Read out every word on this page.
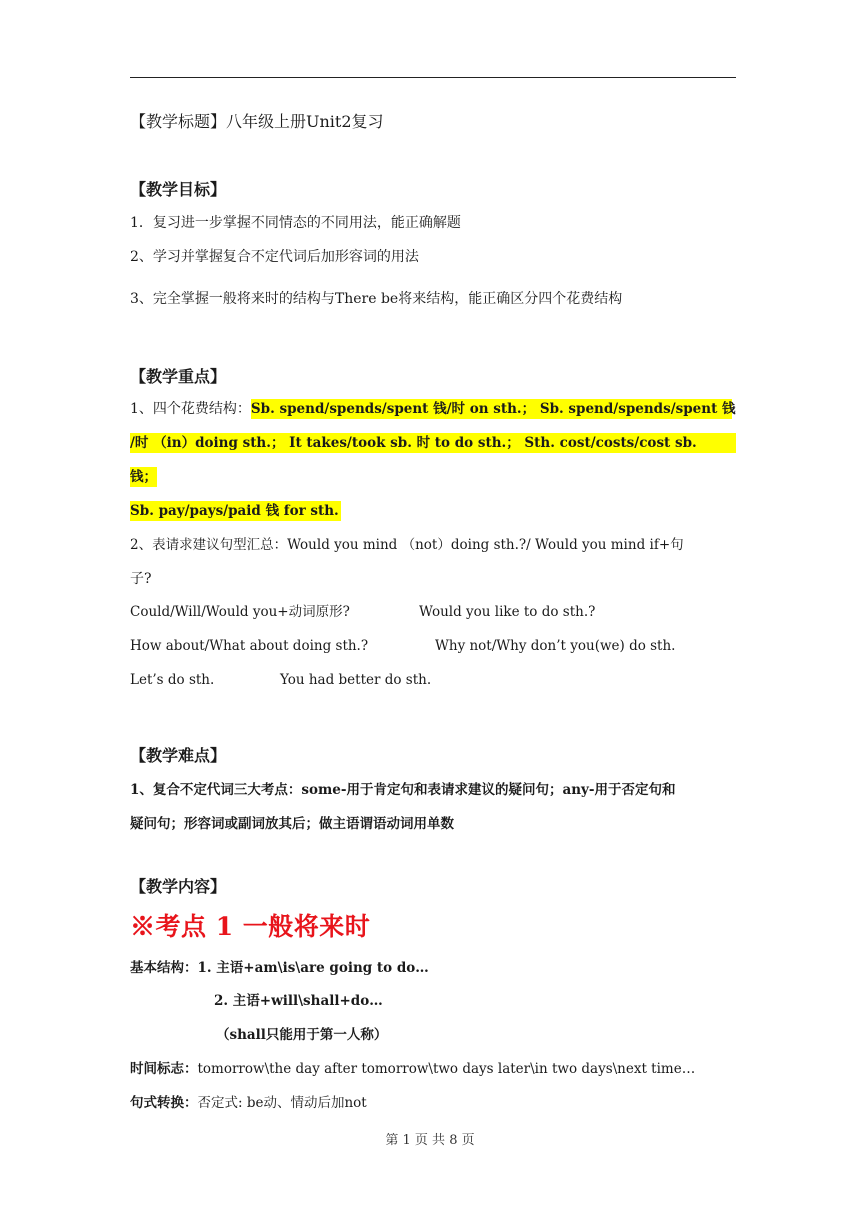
【教学标题】八年级上册Unit2复习
【教学目标】
1．复习进一步掌握不同情态的不同用法，能正确解题
2、学习并掌握复合不定代词后加形容词的用法
3、完全掌握一般将来时的结构与There be将来结构，能正确区分四个花费结构
【教学重点】
1、四个花费结构：Sb. spend/spends/spent 钱/时 on sth.； Sb. spend/spends/spent 钱
/时 （in）doing sth.； It takes/took sb. 时 to do sth.； Sth. cost/costs/cost sb.
钱；
Sb. pay/pays/paid 钱 for sth.
2、表请求建议句型汇总：Would you mind （not）doing sth.?/ Would you mind if+句
子?
Could/Will/Would you+动词原形?	Would you like to do sth.?
How about/What about doing sth.?	Why not/Why don’t you(we) do sth.
Let’s do sth.	You had better do sth.
【教学难点】
1、复合不定代词三大考点：some-用于肯定句和表请求建议的疑问句；any-用于否定句和
疑问句；形容词或副词放其后；做主语谓语动词用单数
【教学内容】
※考点 1 一般将来时
基本结构：1. 主语+am\is\are going to do…
2. 主语+will\shall+do…
（shall只能用于第一人称）
时间标志：tomorrow\the day after tomorrow\two days later\in two days\next time…
句式转换：否定式: be动、情动后加not
第 1 页 共 8 页
